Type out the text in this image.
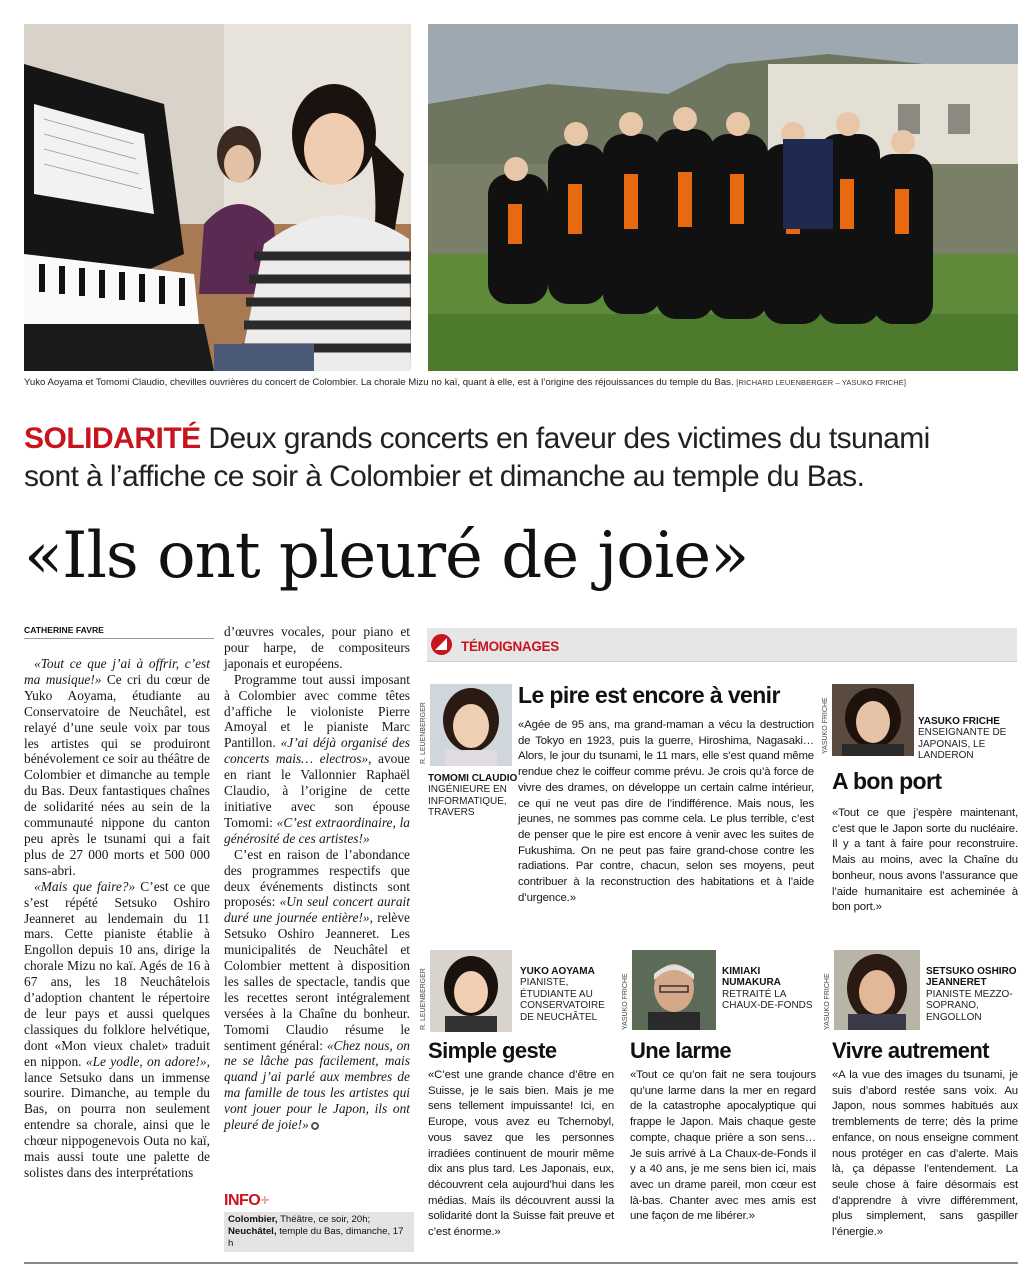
Yuko Aoyama et Tomomi Claudio, chevilles ouvrières du concert de Colombier. La chorale Mizu no kaï, quant à elle, est à l’origine des réjouissances du temple du Bas. [RICHARD LEUENBERGER – YASUKO FRICHE]
SOLIDARITÉ Deux grands concerts en faveur des victimes du tsunami
sont à l’affiche ce soir à Colombier et dimanche au temple du Bas.
«Ils ont pleuré de joie»
CATHERINE FAVRE

«Tout ce que j’ai à offrir, c’est ma musique!» Ce cri du cœur de Yuko Aoyama, étudiante au Conservatoire de Neuchâtel, est relayé d’une seule voix par tous les artistes qui se produiront bénévolement ce soir au théâtre de Colombier et dimanche au temple du Bas. Deux fantastiques chaînes de solidarité nées au sein de la communauté nippone du canton peu après le tsunami qui a fait plus de 27 000 morts et 500 000 sans-abri.

«Mais que faire?» C’est ce que s’est répété Setsuko Oshiro Jeanneret au lendemain du 11 mars. Cette pianiste établie à Engollon depuis 10 ans, dirige la chorale Mizu no kaï. Agés de 16 à 67 ans, les 18 Neuchâtelois d’adoption chantent le répertoire de leur pays et aussi quelques classiques du folklore helvétique, dont «Mon vieux chalet» traduit en nippon. «Le yodle, on adore!», lance Setsuko dans un immense sourire. Dimanche, au temple du Bas, on pourra non seulement entendre sa chorale, ainsi que le chœur nippogenevois Outa no kaï, mais aussi toute une palette de solistes dans des interprétations

d’œuvres vocales, pour piano et pour harpe, de compositeurs japonais et européens.

Programme tout aussi imposant à Colombier avec comme têtes d’affiche le violoniste Pierre Amoyal et le pianiste Marc Pantillon. «J’ai déjà organisé des concerts mais… electros», avoue en riant le Vallonnier Raphaël Claudio, à l’origine de cette initiative avec son épouse Tomomi: «C’est extraordinaire, la générosité de ces artistes!»

C’est en raison de l’abondance des programmes respectifs que deux événements distincts sont proposés: «Un seul concert aurait duré une journée entière!», relève Setsuko Oshiro Jeanneret. Les municipalités de Neuchâtel et Colombier mettent à disposition les salles de spectacle, tandis que les recettes seront intégralement versées à la Chaîne du bonheur. Tomomi Claudio résume le sentiment général: «Chez nous, on ne se lâche pas facilement, mais quand j’ai parlé aux membres de ma famille de tous les artistes qui vont jouer pour le Japon, ils ont pleuré de joie!»

INFO+
Colombier, Théâtre, ce soir, 20h;
Neuchâtel, temple du Bas, dimanche, 17 h
TÉMOIGNAGES
R. LEUENBERGER
TOMOMI CLAUDIO
INGÉNIEURE EN INFORMATIQUE, TRAVERS
Le pire est encore à venir
«Agée de 95 ans, ma grand-maman a vécu la destruction de Tokyo en 1923, puis la guerre, Hiroshima, Nagasaki… Alors, le jour du tsunami, le 11 mars, elle s’est quand même rendue chez le coiffeur comme prévu. Je crois qu’à force de vivre des drames, on développe un certain calme intérieur, ce qui ne veut pas dire de l’indifférence. Mais nous, les jeunes, ne sommes pas comme cela. Le plus terrible, c’est de penser que le pire est encore à venir avec les suites de Fukushima. On ne peut pas faire grand-chose contre les radiations. Par contre, chacun, selon ses moyens, peut contribuer à la reconstruction des habitations et à l’aide d’urgence.»
YASUKO FRICHE	YASUKO FRICHE
ENSEIGNANTE DE JAPONAIS, LE LANDERON
A bon port
«Tout ce que j’espère maintenant, c’est que le Japon sorte du nucléaire. Il y a tant à faire pour reconstruire. Mais au moins, avec la Chaîne du bonheur, nous avons l’assurance que l’aide humanitaire est acheminée à bon port.»
R. LEUENBERGER	YUKO AOYAMA
PIANISTE, ÉTUDIANTE AU CONSERVATOIRE DE NEUCHÂTEL
Simple geste
«C’est une grande chance d’être en Suisse, je le sais bien. Mais je me sens tellement impuissante! Ici, en Europe, vous avez eu Tchernobyl, vous savez que les personnes irradiées continuent de mourir même dix ans plus tard. Les Japonais, eux, découvrent cela aujourd’hui dans les médias. Mais ils découvrent aussi la solidarité dont la Suisse fait preuve et c’est énorme.»
YASUKO FRICHE
KIMIAKI NUMAKURA
RETRAITÉ LA CHAUX-DE-FONDS
Une larme
«Tout ce qu’on fait ne sera toujours qu’une larme dans la mer en regard de la catastrophe apocalyptique qui frappe le Japon. Mais chaque geste compte, chaque prière a son sens… Je suis arrivé à La Chaux-de-Fonds il y a 40 ans, je me sens bien ici, mais avec un drame pareil, mon cœur est là-bas. Chanter avec mes amis est une façon de me libérer.»
YASUKO FRICHE
SETSUKO OSHIRO JEANNERET
PIANISTE MEZZO-SOPRANO, ENGOLLON
Vivre autrement
«A la vue des images du tsunami, je suis d’abord restée sans voix. Au Japon, nous sommes habitués aux tremblements de terre; dès la prime enfance, on nous enseigne comment nous protéger en cas d’alerte. Mais là, ça dépasse l’entendement. La seule chose à faire désormais est d’apprendre à vivre différemment, plus simplement, sans gaspiller l’énergie.»
